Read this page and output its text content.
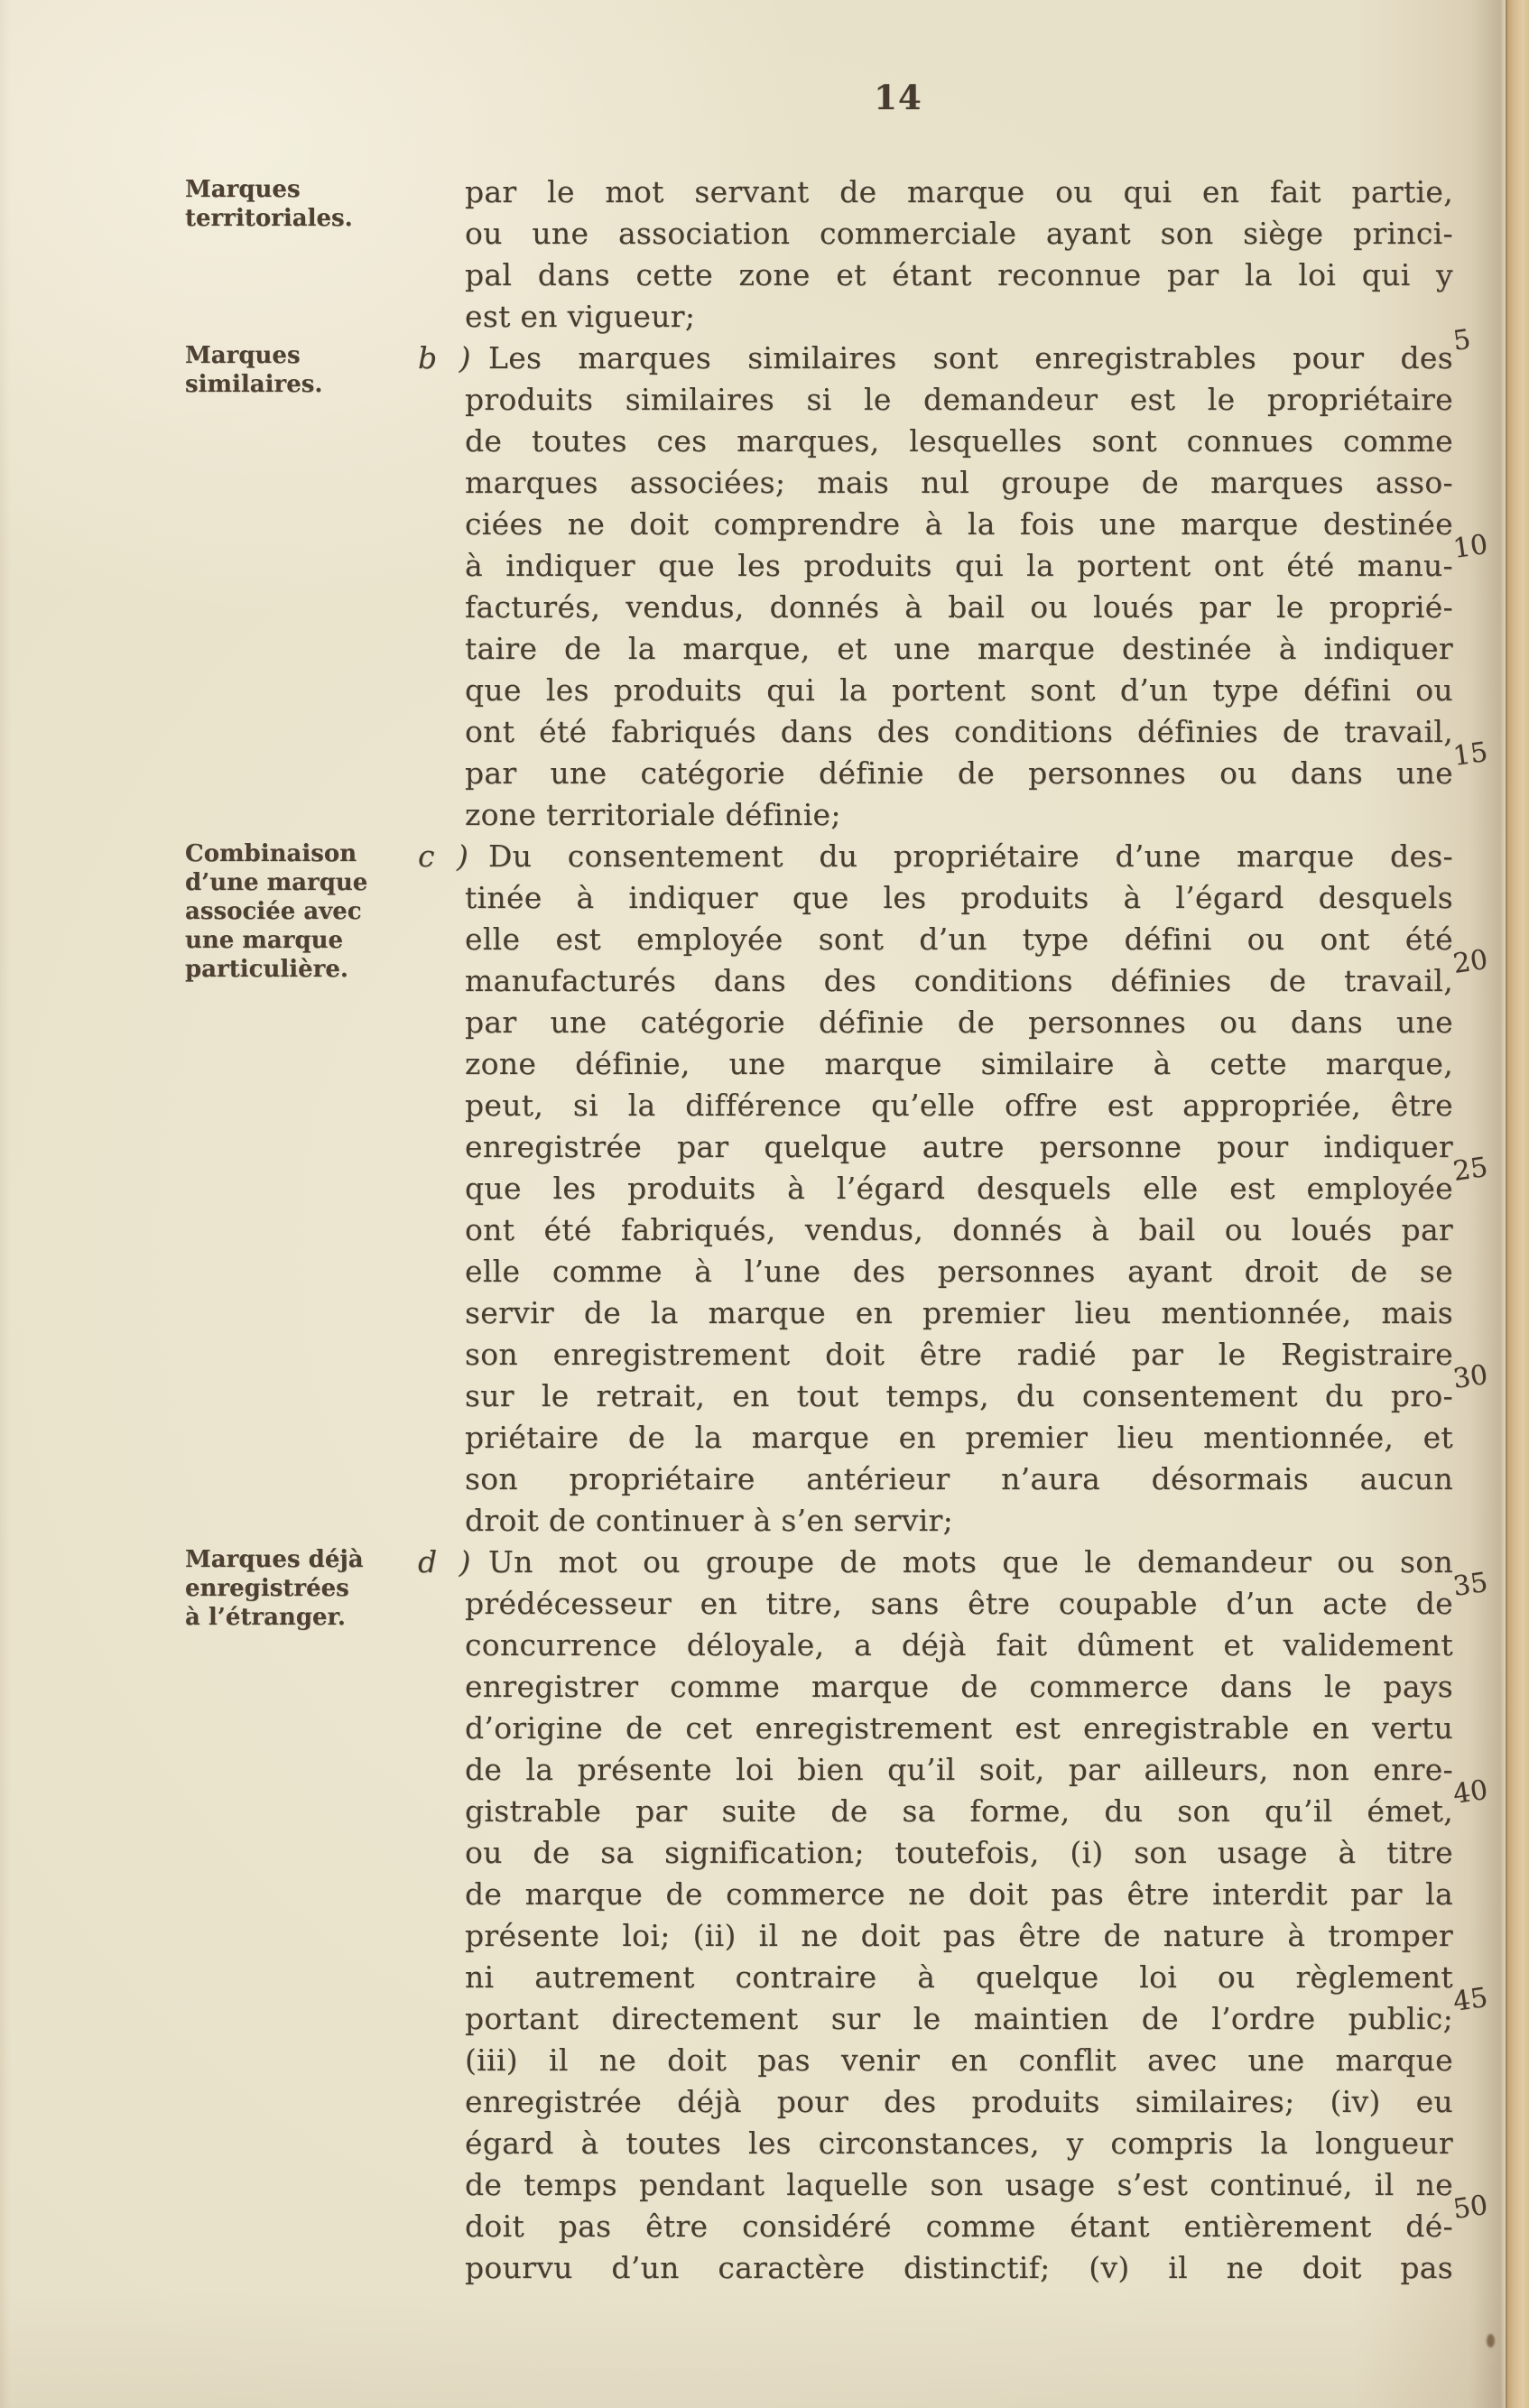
14
Marques
territoriales.
Marques
similaires.
Combinaison
d’une marque
associée avec
une marque
particulière.
Marques déjà
enregistrées
à l’étranger.
par le mot servant de marque ou qui en fait partie,
ou une association commerciale ayant son siège princi-
pal dans cette zone et étant reconnue par la loi qui y
est en vigueur;
b ) Les marques similaires sont enregistrables pour des
produits similaires si le demandeur est le propriétaire
de toutes ces marques, lesquelles sont connues comme
marques associées; mais nul groupe de marques asso-
ciées ne doit comprendre à la fois une marque destinée
à indiquer que les produits qui la portent ont été manu-
facturés, vendus, donnés à bail ou loués par le proprié-
taire de la marque, et une marque destinée à indiquer
que les produits qui la portent sont d’un type défini ou
ont été fabriqués dans des conditions définies de travail,
par une catégorie définie de personnes ou dans une
zone territoriale définie;
c ) Du consentement du propriétaire d’une marque des-
tinée à indiquer que les produits à l’égard desquels
elle est employée sont d’un type défini ou ont été
manufacturés dans des conditions définies de travail,
par une catégorie définie de personnes ou dans une
zone définie, une marque similaire à cette marque,
peut, si la différence qu’elle offre est appropriée, être
enregistrée par quelque autre personne pour indiquer
que les produits à l’égard desquels elle est employée
ont été fabriqués, vendus, donnés à bail ou loués par
elle comme à l’une des personnes ayant droit de se
servir de la marque en premier lieu mentionnée, mais
son enregistrement doit être radié par le Registraire
sur le retrait, en tout temps, du consentement du pro-
priétaire de la marque en premier lieu mentionnée, et
son propriétaire antérieur n’aura désormais aucun
droit de continuer à s’en servir;
d ) Un mot ou groupe de mots que le demandeur ou son
prédécesseur en titre, sans être coupable d’un acte de
concurrence déloyale, a déjà fait dûment et validement
enregistrer comme marque de commerce dans le pays
d’origine de cet enregistrement est enregistrable en vertu
de la présente loi bien qu’il soit, par ailleurs, non enre-
gistrable par suite de sa forme, du son qu’il émet,
ou de sa signification; toutefois, (i) son usage à titre
de marque de commerce ne doit pas être interdit par la
présente loi; (ii) il ne doit pas être de nature à tromper
ni autrement contraire à quelque loi ou règlement
portant directement sur le maintien de l’ordre public;
(iii) il ne doit pas venir en conflit avec une marque
enregistrée déjà pour des produits similaires; (iv) eu
égard à toutes les circonstances, y compris la longueur
de temps pendant laquelle son usage s’est continué, il ne
doit pas être considéré comme étant entièrement dé-
pourvu d’un caractère distinctif; (v) il ne doit pas
5
10
15
20
25
30
35
40
45
50
